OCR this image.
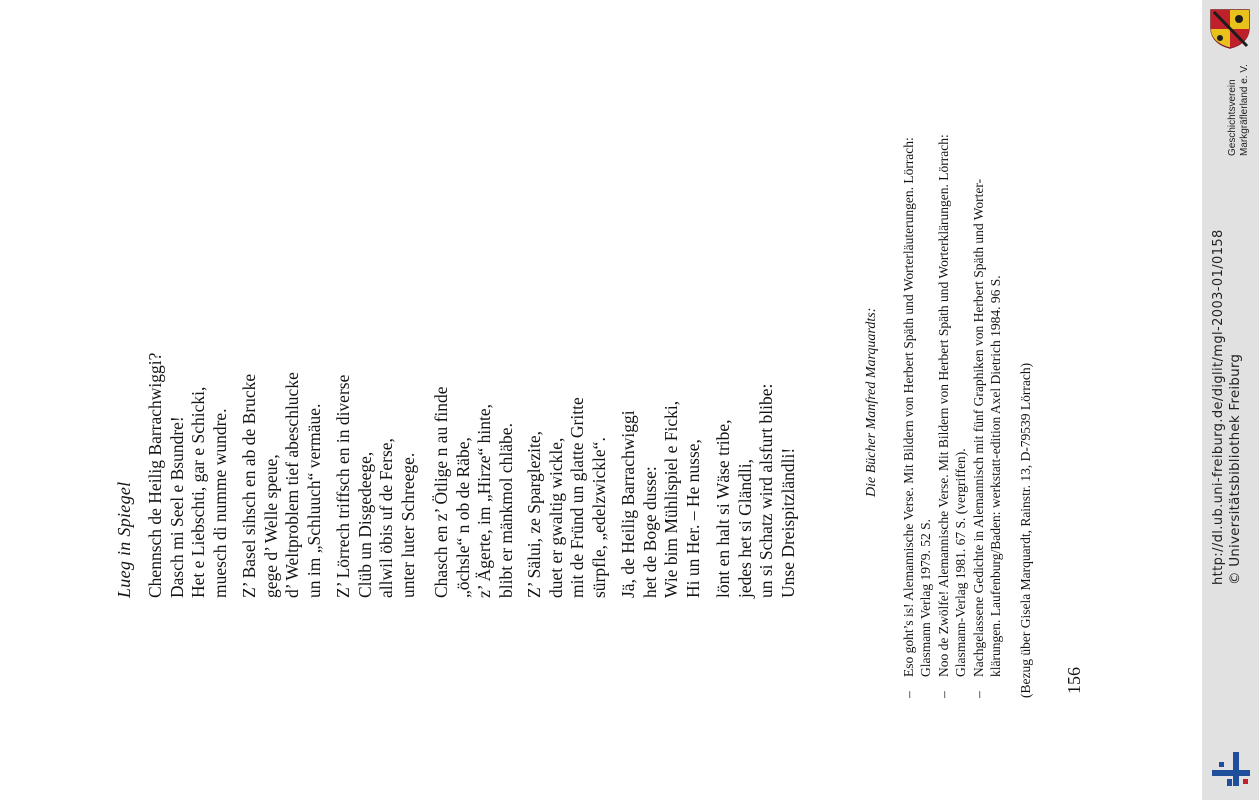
Lueg in Spiegel Chennsch de Heilig Barrachwiggi? Dasch mi Seel e Bsundre! Het e Liebschti, gar e Schicki, muesch di numme wundre. Z’ Basel sihsch en ab de Brucke gege d’ Welle speue, d’ Weltproblem tief abeschlucke un im „Schluuch“ vermäue. Z’ Lörrech triffsch en in diverse Clüb un Disgedeege, allwil öbis uf de Ferse, unter luter Schreege. Chasch en z’ Ötlige n au finde „öchsle“ n ob de Räbe, z’ Ägerte, im „Hirze“ hinte, blibt er mänkmol chläbe. Z’ Sälui, ze Sparglezite, duet er gwaltig wickle, mit de Fründ un glatte Gritte sürpfle, „edelzwickle“. Jä, de Heilig Barrachwiggi het de Boge dusse: Wie bim Mühlispiel e Ficki, Hi un Her. – He nusse, lönt en halt si Wäse tribe, jedes het si Gländli, un si Schatz wird alsfurt blibe: Unse Dreispitzländli!
Die Bücher Manfred Marquardts:
–
Eso goht’s is! Alemannische Verse. Mit Bildern von Herbert Späth und Worterläuterungen. Lörrach: Glasmann Verlag 1979. 52 S.
–
Noo de Zwölfe! Alemannische Verse. Mit Bildern von Herbert Späth und Worterklärungen. Lörrach: Glasmann-Verlag 1981. 67 S. (vergriffen).
–
Nachgelassene Gedichte in Alemannisch mit fünf Graphiken von Herbert Späth und Worter- klärungen. Laufenburg/Baden: werkstatt-edition Axel Dietrich 1984. 96 S. (Bezug über Gisela Marquardt, Rainstr. 13, D-79539 Lörrach) 156
Geschichtsverein Markgräflerland e. V.
http://dl.ub.uni-freiburg.de/diglit/mgl-2003-01/0158 © Universitätsbibliothek Freiburg
